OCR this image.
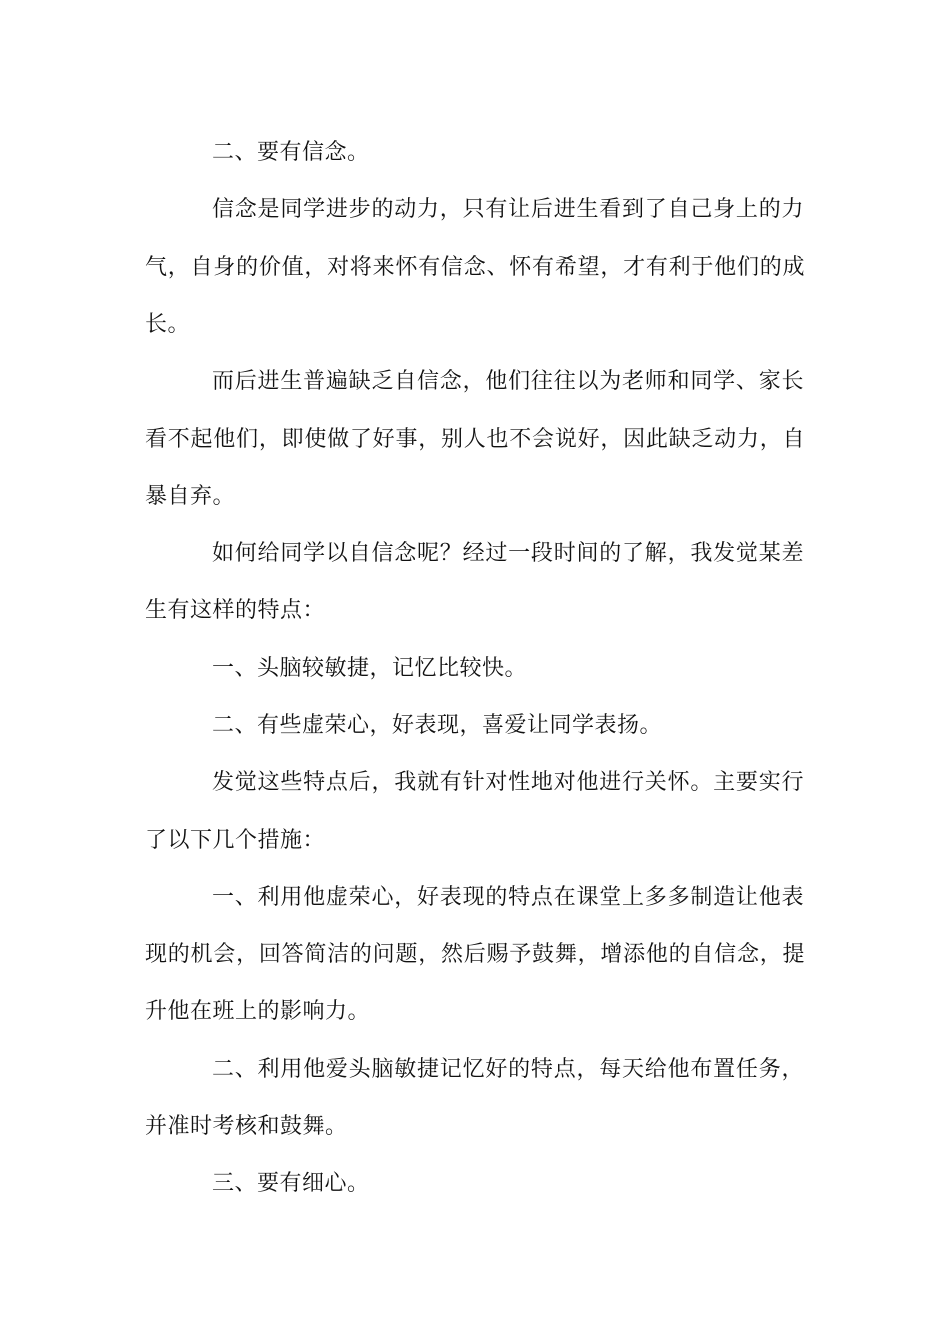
二、要有信念。
信念是同学进步的动力，只有让后进生看到了自己身上的力
气，自身的价值，对将来怀有信念、怀有希望，才有利于他们的成
长。
而后进生普遍缺乏自信念，他们往往以为老师和同学、家长
看不起他们，即使做了好事，别人也不会说好，因此缺乏动力，自
暴自弃。
如何给同学以自信念呢？经过一段时间的了解，我发觉某差
生有这样的特点：
一、头脑较敏捷，记忆比较快。
二、有些虚荣心，好表现，喜爱让同学表扬。
发觉这些特点后，我就有针对性地对他进行关怀。主要实行
了以下几个措施：
一、利用他虚荣心，好表现的特点在课堂上多多制造让他表
现的机会，回答简洁的问题，然后赐予鼓舞，增添他的自信念，提
升他在班上的影响力。
二、利用他爱头脑敏捷记忆好的特点，每天给他布置任务，
并准时考核和鼓舞。
三、要有细心。
